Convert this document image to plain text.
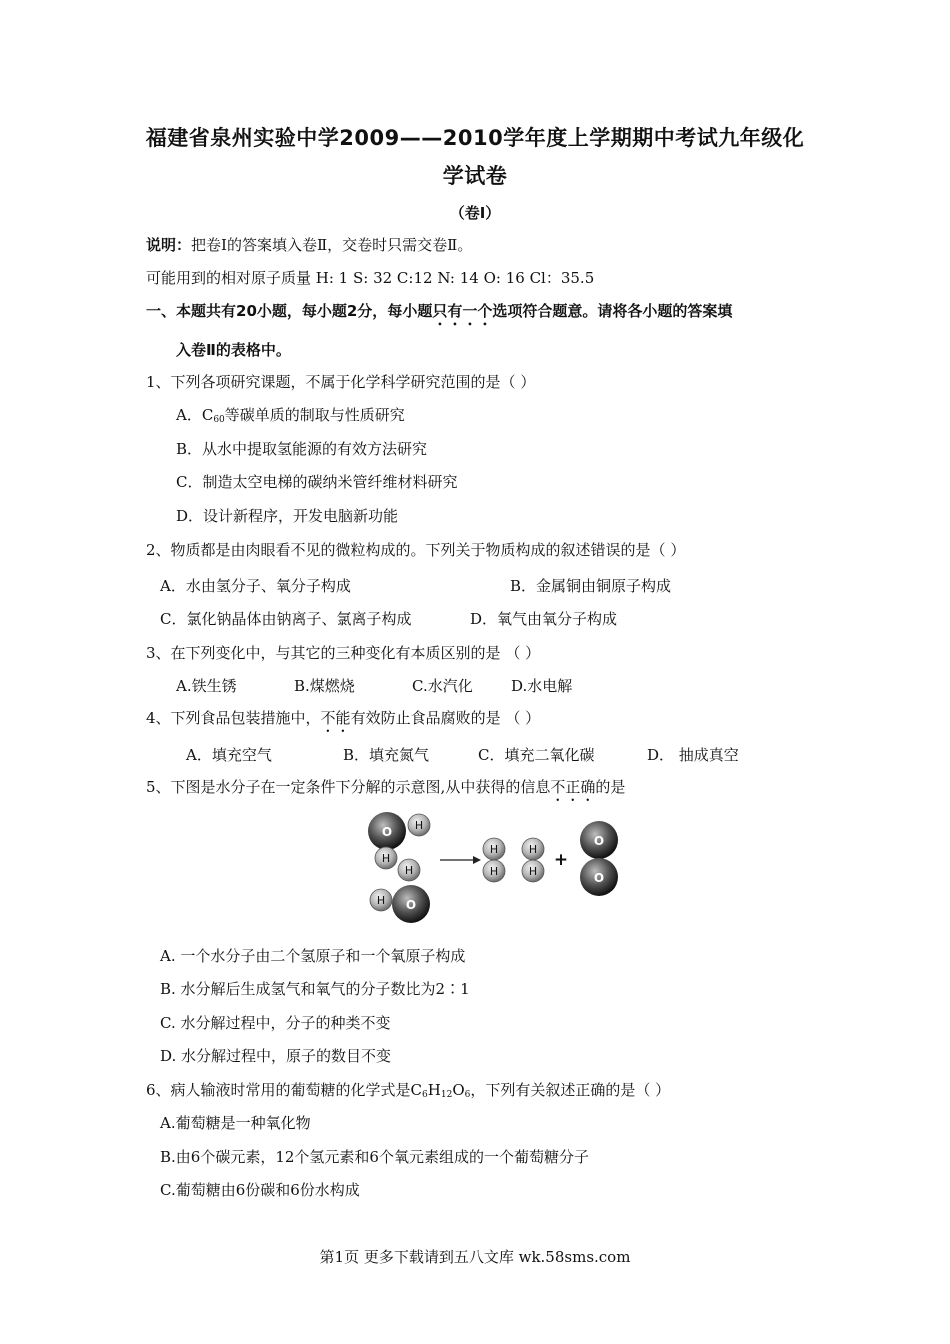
福建省泉州实验中学2009——2010学年度上学期期中考试九年级化
学试卷
（卷Ⅰ）
说明：把卷Ⅰ的答案填入卷Ⅱ，交卷时只需交卷Ⅱ。
可能用到的相对原子质量 H: 1 S: 32 C:12 N: 14 O: 16 Cl：35.5
一、本题共有20小题，每小题2分，每小题只有一个选项符合题意。请将各小题的答案填
入卷Ⅱ的表格中。
1、下列各项研究课题，不属于化学科学研究范围的是（ ）
A．$C_{60}$等碳单质的制取与性质研究
B．从水中提取氢能源的有效方法研究
C．制造太空电梯的碳纳米管纤维材料研究
D．设计新程序，开发电脑新功能
2、物质都是由肉眼看不见的微粒构成的。下列关于物质构成的叙述错误的是（ ）
A．水由氢分子、氧分子构成	B．金属铜由铜原子构成
C．氯化钠晶体由钠离子、氯离子构成	D．氧气由氧分子构成
3、在下列变化中，与其它的三种变化有本质区别的是 （ ）
A.铁生锈	B.煤燃烧	C.水汽化	D.水电解
4、下列食品包装措施中，不能有效防止食品腐败的是 （ ）
A．填充空气	B．填充氮气	C．填充二氧化碳	D． 抽成真空
5、下图是水分子在一定条件下分解的示意图,从中获得的信息不正确的是
O H
H
H
H O
H
H
H
H
+
O
O
A. 一个水分子由二个氢原子和一个氧原子构成
B. 水分解后生成氢气和氧气的分子数比为2∶1
C. 水分解过程中，分子的种类不变
D. 水分解过程中，原子的数目不变
6、病人输液时常用的葡萄糖的化学式是$C_6H_{12}O_6$，下列有关叙述正确的是（ ）
A.葡萄糖是一种氧化物
B.由6个碳元素，12个氢元素和6个氧元素组成的一个葡萄糖分子
C.葡萄糖由6份碳和6份水构成
第1页 更多下载请到五八文库 wk.58sms.com
